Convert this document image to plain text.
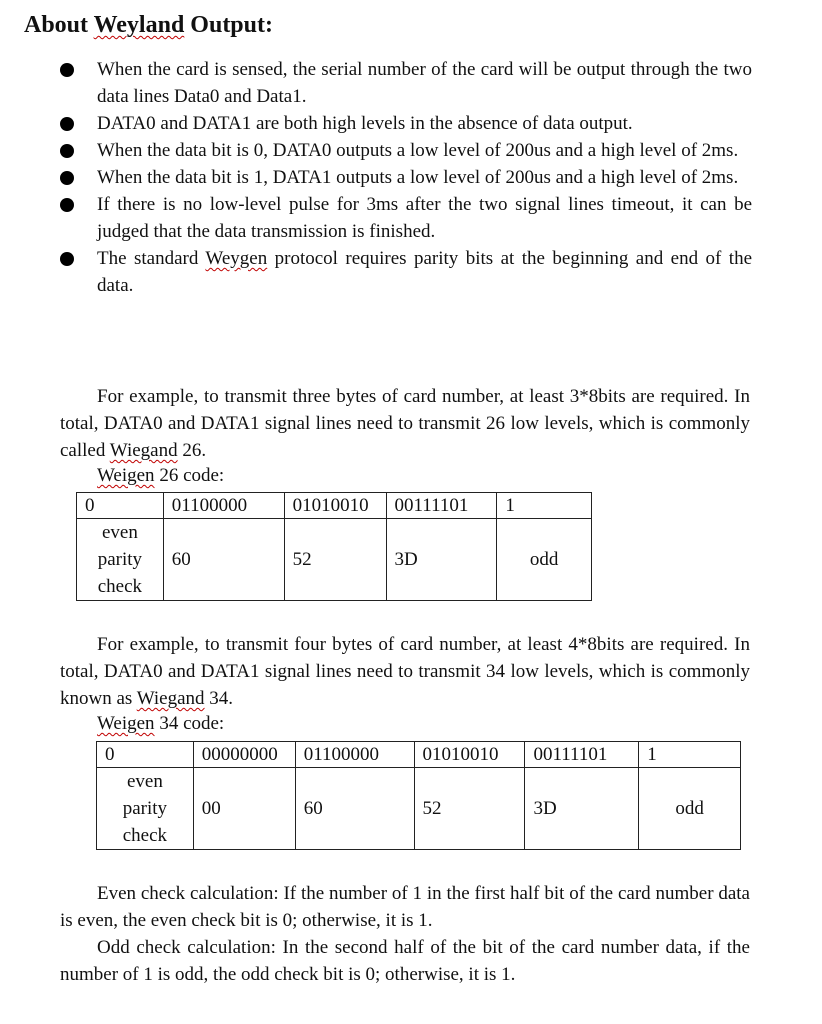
About Weyland Output:
When the card is sensed, the serial number of the card will be output through the two data lines Data0 and Data1.
DATA0 and DATA1 are both high levels in the absence of data output.
When the data bit is 0, DATA0 outputs a low level of 200us and a high level of 2ms.
When the data bit is 1, DATA1 outputs a low level of 200us and a high level of 2ms.
If there is no low-level pulse for 3ms after the two signal lines timeout, it can be judged that the data transmission is finished.
The standard Weygen protocol requires parity bits at the beginning and end of the data.

For example, to transmit three bytes of card number, at least 3*8bits are required. In total, DATA0 and DATA1 signal lines need to transmit 26 low levels, which is commonly called Wiegand 26.

Weigen 26 code:
0	01100000	01010010	00111101	1
even parity check	60	52	3D	odd

For example, to transmit four bytes of card number, at least 4*8bits are required. In total, DATA0 and DATA1 signal lines need to transmit 34 low levels, which is commonly known as Wiegand 34.

Weigen 34 code:
0	00000000	01100000	01010010	00111101	1
even parity check	00	60	52	3D	odd

Even check calculation: If the number of 1 in the first half bit of the card number data is even, the even check bit is 0; otherwise, it is 1.

Odd check calculation: In the second half of the bit of the card number data, if the number of 1 is odd, the odd check bit is 0; otherwise, it is 1.
